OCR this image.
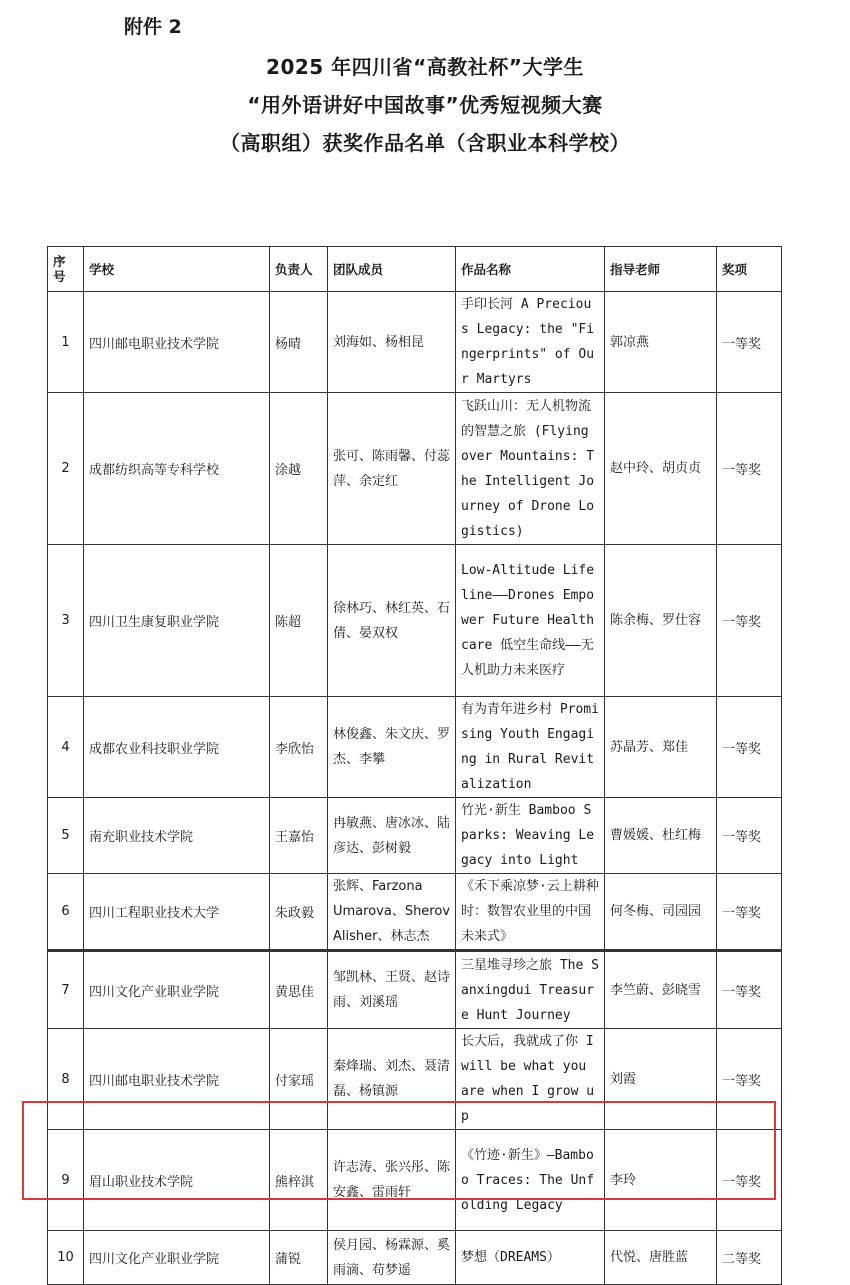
附件 2
2025 年四川省“高教社杯”大学生
“用外语讲好中国故事”优秀短视频大赛
（高职组）获奖作品名单（含职业本科学校）
序
号	学校	负责人	团队成员	作品名称	指导老师	奖项
1	四川邮电职业技术学院	杨晴	刘海如、杨相昆	手印长河 A Precious Legacy: the "Fingerprints" of Our Martyrs	郭凉燕	一等奖
2	成都纺织高等专科学校	涂越	张可、陈雨馨、付蕊萍、余定红	飞跃山川：无人机物流的智慧之旅 (Flying over Mountains: The Intelligent Journey of Drone Logistics)	赵中玲、胡贞贞	一等奖
3	四川卫生康复职业学院	陈超	徐林巧、林红英、石倩、晏双权	Low-Altitude Lifeline——Drones Empower Future Healthcare 低空生命线——无人机助力未来医疗	陈余梅、罗仕容	一等奖
4	成都农业科技职业学院	李欣怡	林俊鑫、朱文庆、罗杰、李攀	有为青年进乡村 Promising Youth Engaging in Rural Revitalization	苏晶芳、郑佳	一等奖
5	南充职业技术学院	王嘉怡	冉敏燕、唐冰冰、陆彦达、彭树毅	竹光·新生 Bamboo Sparks: Weaving Legacy into Light	曹媛媛、杜红梅	一等奖
6	四川工程职业技术大学	朱政毅	张辉、Farzona Umarova、Sherov Alisher、林志杰	《禾下乘凉梦·云上耕种时：数智农业里的中国未来式》	何冬梅、司园园	一等奖
7	四川文化产业职业学院	黄思佳	邹凯林、王贤、赵诗雨、刘溪瑶	三星堆寻珍之旅 The Sanxingdui Treasure Hunt Journey	李竺蔚、彭晓雪	一等奖
8	四川邮电职业技术学院	付家瑶	秦烽瑞、刘杰、聂清磊、杨镇源	长大后，我就成了你 I will be what you are when I grow up	刘霞	一等奖
9	眉山职业技术学院	熊梓淇	许志涛、张兴彤、陈安鑫、雷雨轩	《竹迹·新生》—Bamboo Traces: The Unfolding Legacy	李玲	一等奖
10	四川文化产业职业学院	蒲锐	侯月园、杨霖源、奚雨滴、苟梦遥	梦想（DREAMS）	代悦、唐胜蓝	二等奖
